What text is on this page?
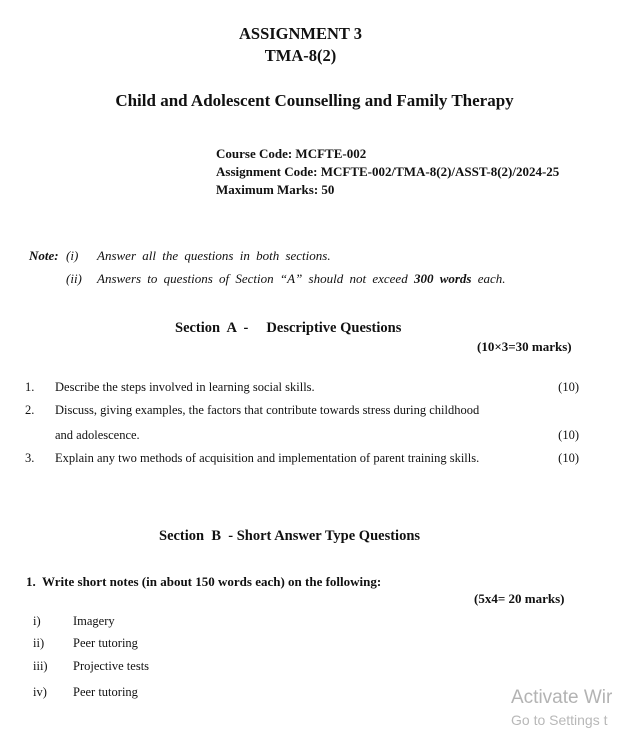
ASSIGNMENT 3
TMA-8(2)
Child and Adolescent Counselling and Family Therapy
Course Code: MCFTE-002
Assignment Code: MCFTE-002/TMA-8(2)/ASST-8(2)/2024-25
Maximum Marks: 50
Note: (i) Answer all the questions in both sections.
(ii) Answers to questions of Section “A” should not exceed 300 words each.
Section  A  -     Descriptive Questions
(10×3=30 marks)
1. Describe the steps involved in learning social skills.	(10)
2. Discuss, giving examples, the factors that contribute towards stress during childhood
and adolescence.	(10)
3. Explain any two methods of acquisition and implementation of parent training skills.	(10)
Section  B  - Short Answer Type Questions
1.  Write short notes (in about 150 words each) on the following:
(5x4= 20 marks)
i)	Imagery
ii) Peer tutoring
iii) Projective tests
iv) Peer tutoring	Activate Wir
Go to Settings t
